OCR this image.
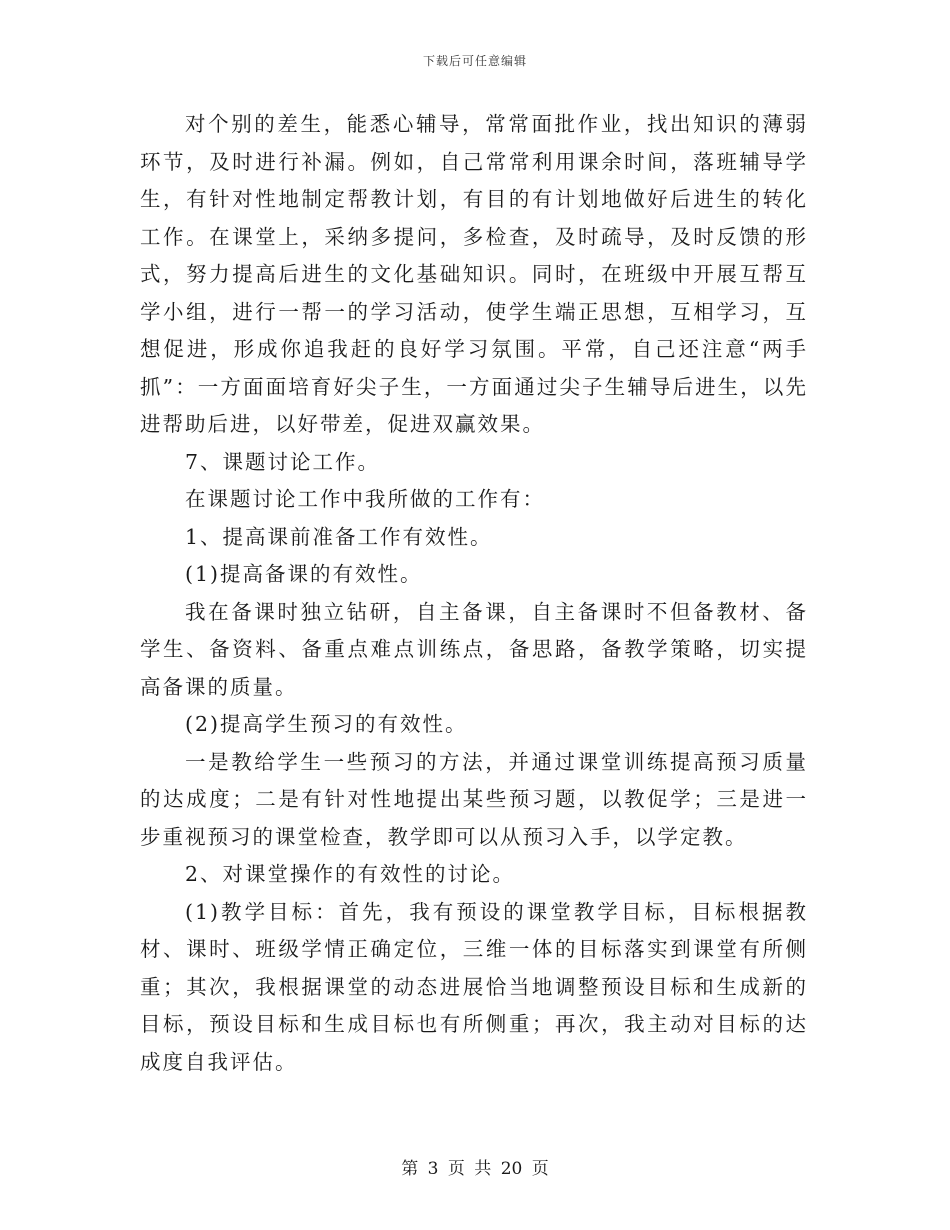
下载后可任意编辑

对个别的差生，能悉心辅导，常常面批作业，找出知识的薄弱环节，及时进行补漏。例如，自己常常利用课余时间，落班辅导学生，有针对性地制定帮教计划，有目的有计划地做好后进生的转化工作。在课堂上，采纳多提问，多检查，及时疏导，及时反馈的形式，努力提高后进生的文化基础知识。同时，在班级中开展互帮互学小组，进行一帮一的学习活动，使学生端正思想，互相学习，互想促进，形成你追我赶的良好学习氛围。平常，自己还注意“两手抓”：一方面面培育好尖子生，一方面通过尖子生辅导后进生，以先进帮助后进，以好带差，促进双赢效果。

7、课题讨论工作。

在课题讨论工作中我所做的工作有：

1、提高课前准备工作有效性。

(1)提高备课的有效性。

我在备课时独立钻研，自主备课，自主备课时不但备教材、备学生、备资料、备重点难点训练点，备思路，备教学策略，切实提高备课的质量。

(2)提高学生预习的有效性。

一是教给学生一些预习的方法，并通过课堂训练提高预习质量的达成度；二是有针对性地提出某些预习题，以教促学；三是进一步重视预习的课堂检查，教学即可以从预习入手，以学定教。

2、对课堂操作的有效性的讨论。

(1)教学目标：首先，我有预设的课堂教学目标，目标根据教材、课时、班级学情正确定位，三维一体的目标落实到课堂有所侧重；其次，我根据课堂的动态进展恰当地调整预设目标和生成新的目标，预设目标和生成目标也有所侧重；再次，我主动对目标的达成度自我评估。

第 3 页 共 20 页
